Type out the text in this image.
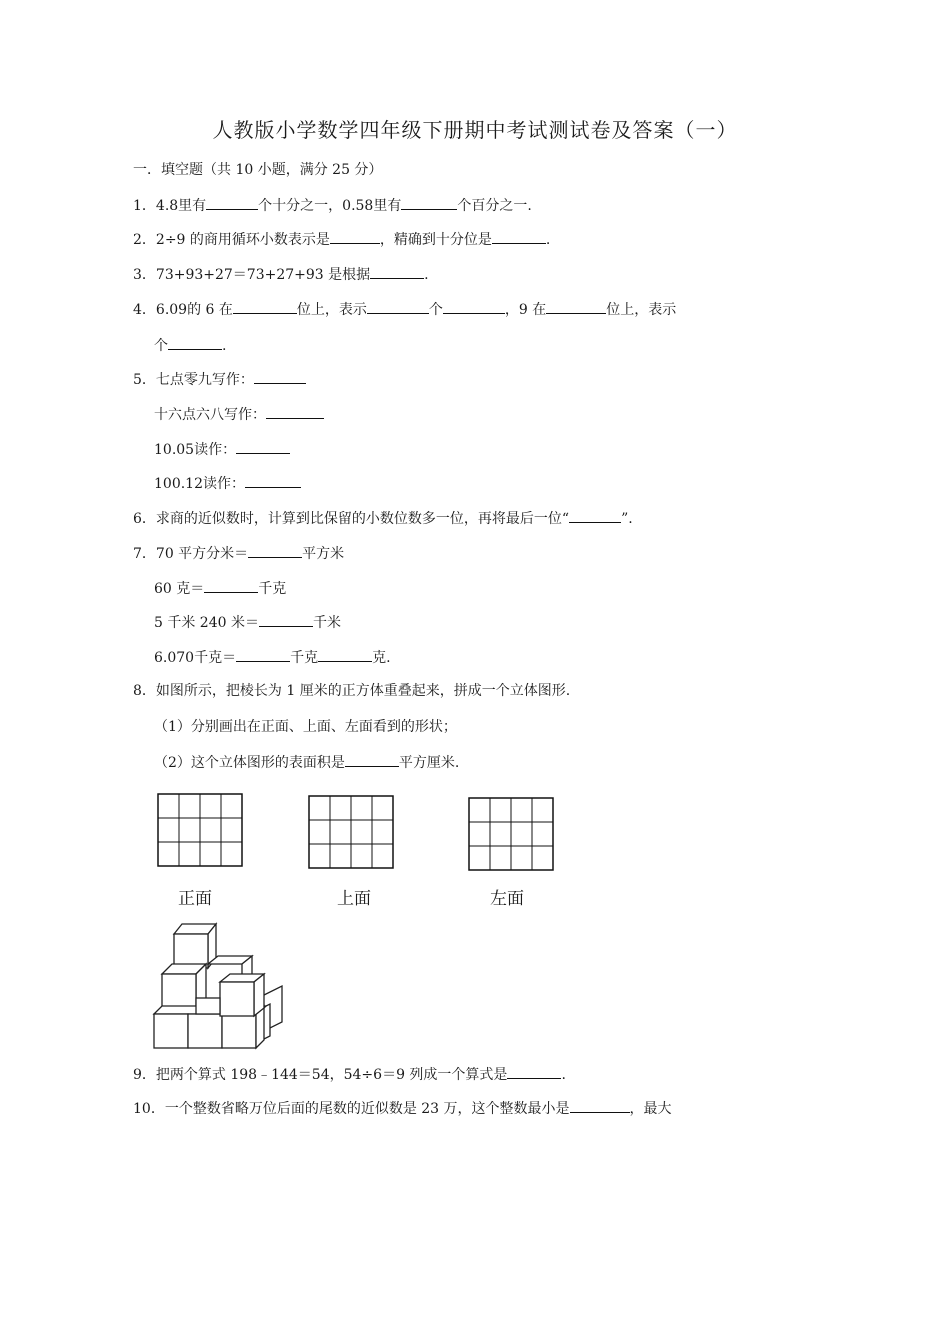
人教版小学数学四年级下册期中考试测试卷及答案（一）
一．填空题（共 10 小题，满分 25 分）
1．4.8里有	个十分之一，0.58里有	个百分之一.
2．2÷9 的商用循环小数表示是	，精确到十分位是	.
3．73+93+27＝73+27+93 是根据	.
4．6.09的 6 在	位上，表示	个	，9 在	位上，表示
个	.
5．七点零九写作：
十六点六八写作：
10.05读作：
100.12读作：
6．求商的近似数时，计算到比保留的小数位数多一位，再将最后一位“	”.
7．70 平方分米＝	平方米
60 克＝	千克
5 千米 240 米＝	千米
6.070千克＝	千克	克.
8．如图所示，把棱长为 1 厘米的正方体重叠起来，拼成一个立体图形.
（1）分别画出在正面、上面、左面看到的形状；
（2）这个立体图形的表面积是	平方厘米.
正面	上面	左面
9．把两个算式 198﹣144＝54，54÷6＝9 列成一个算式是	.
10．一个整数省略万位后面的尾数的近似数是 23 万，这个整数最小是	，最大
